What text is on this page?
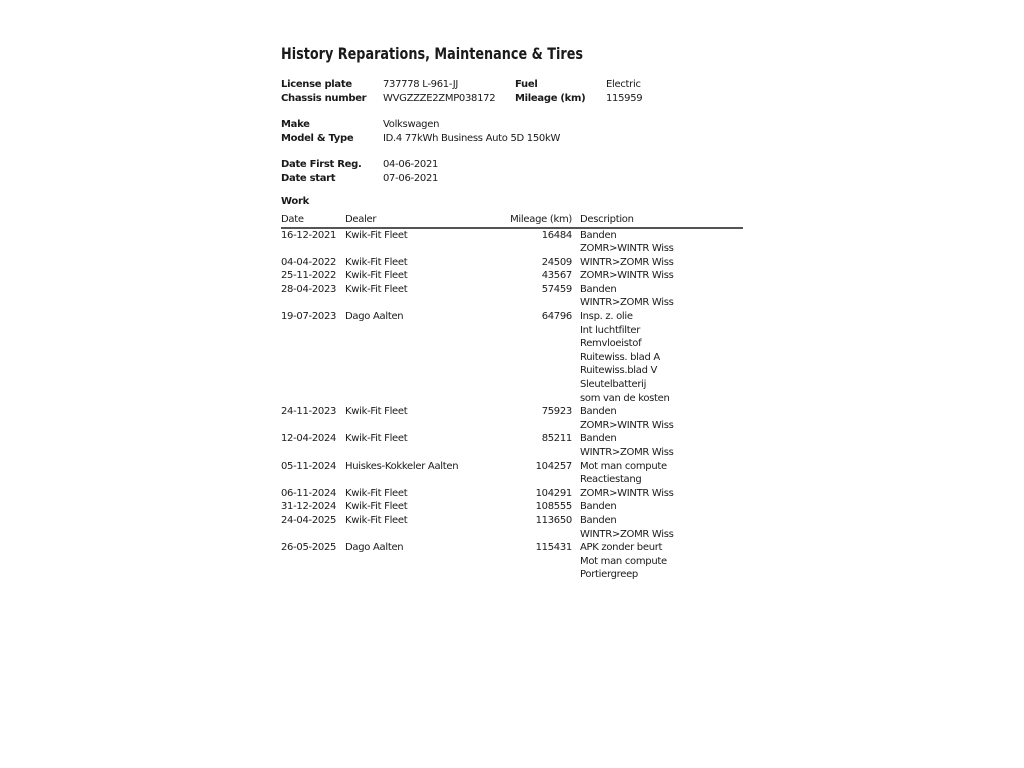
History Reparations, Maintenance & Tires
License plate	737778 L-961-JJ	Fuel	Electric
Chassis number	WVGZZZE2ZMP038172	Mileage (km)	115959
Make	Volkswagen
Model & Type	ID.4 77kWh Business Auto 5D 150kW
Date First Reg.	04-06-2021
Date start	07-06-2021
Work
Date	Dealer	Mileage (km) Description
16-12-2021 Kwik-Fit Fleet	16484 Banden
ZOMR>WINTR Wiss
04-04-2022 Kwik-Fit Fleet	24509 WINTR>ZOMR Wiss
25-11-2022 Kwik-Fit Fleet	43567 ZOMR>WINTR Wiss
28-04-2023 Kwik-Fit Fleet	57459 Banden
WINTR>ZOMR Wiss
19-07-2023 Dago Aalten	64796 Insp. z. olie
Int luchtfilter
Remvloeistof
Ruitewiss. blad A
Ruitewiss.blad V
Sleutelbatterij
som van de kosten
24-11-2023 Kwik-Fit Fleet	75923 Banden
ZOMR>WINTR Wiss
12-04-2024 Kwik-Fit Fleet	85211 Banden
WINTR>ZOMR Wiss
05-11-2024 Huiskes-Kokkeler Aalten	104257 Mot man compute
Reactiestang
06-11-2024 Kwik-Fit Fleet	104291 ZOMR>WINTR Wiss
31-12-2024 Kwik-Fit Fleet	108555 Banden
24-04-2025 Kwik-Fit Fleet	113650 Banden
WINTR>ZOMR Wiss
26-05-2025 Dago Aalten	115431 APK zonder beurt
Mot man compute
Portiergreep
